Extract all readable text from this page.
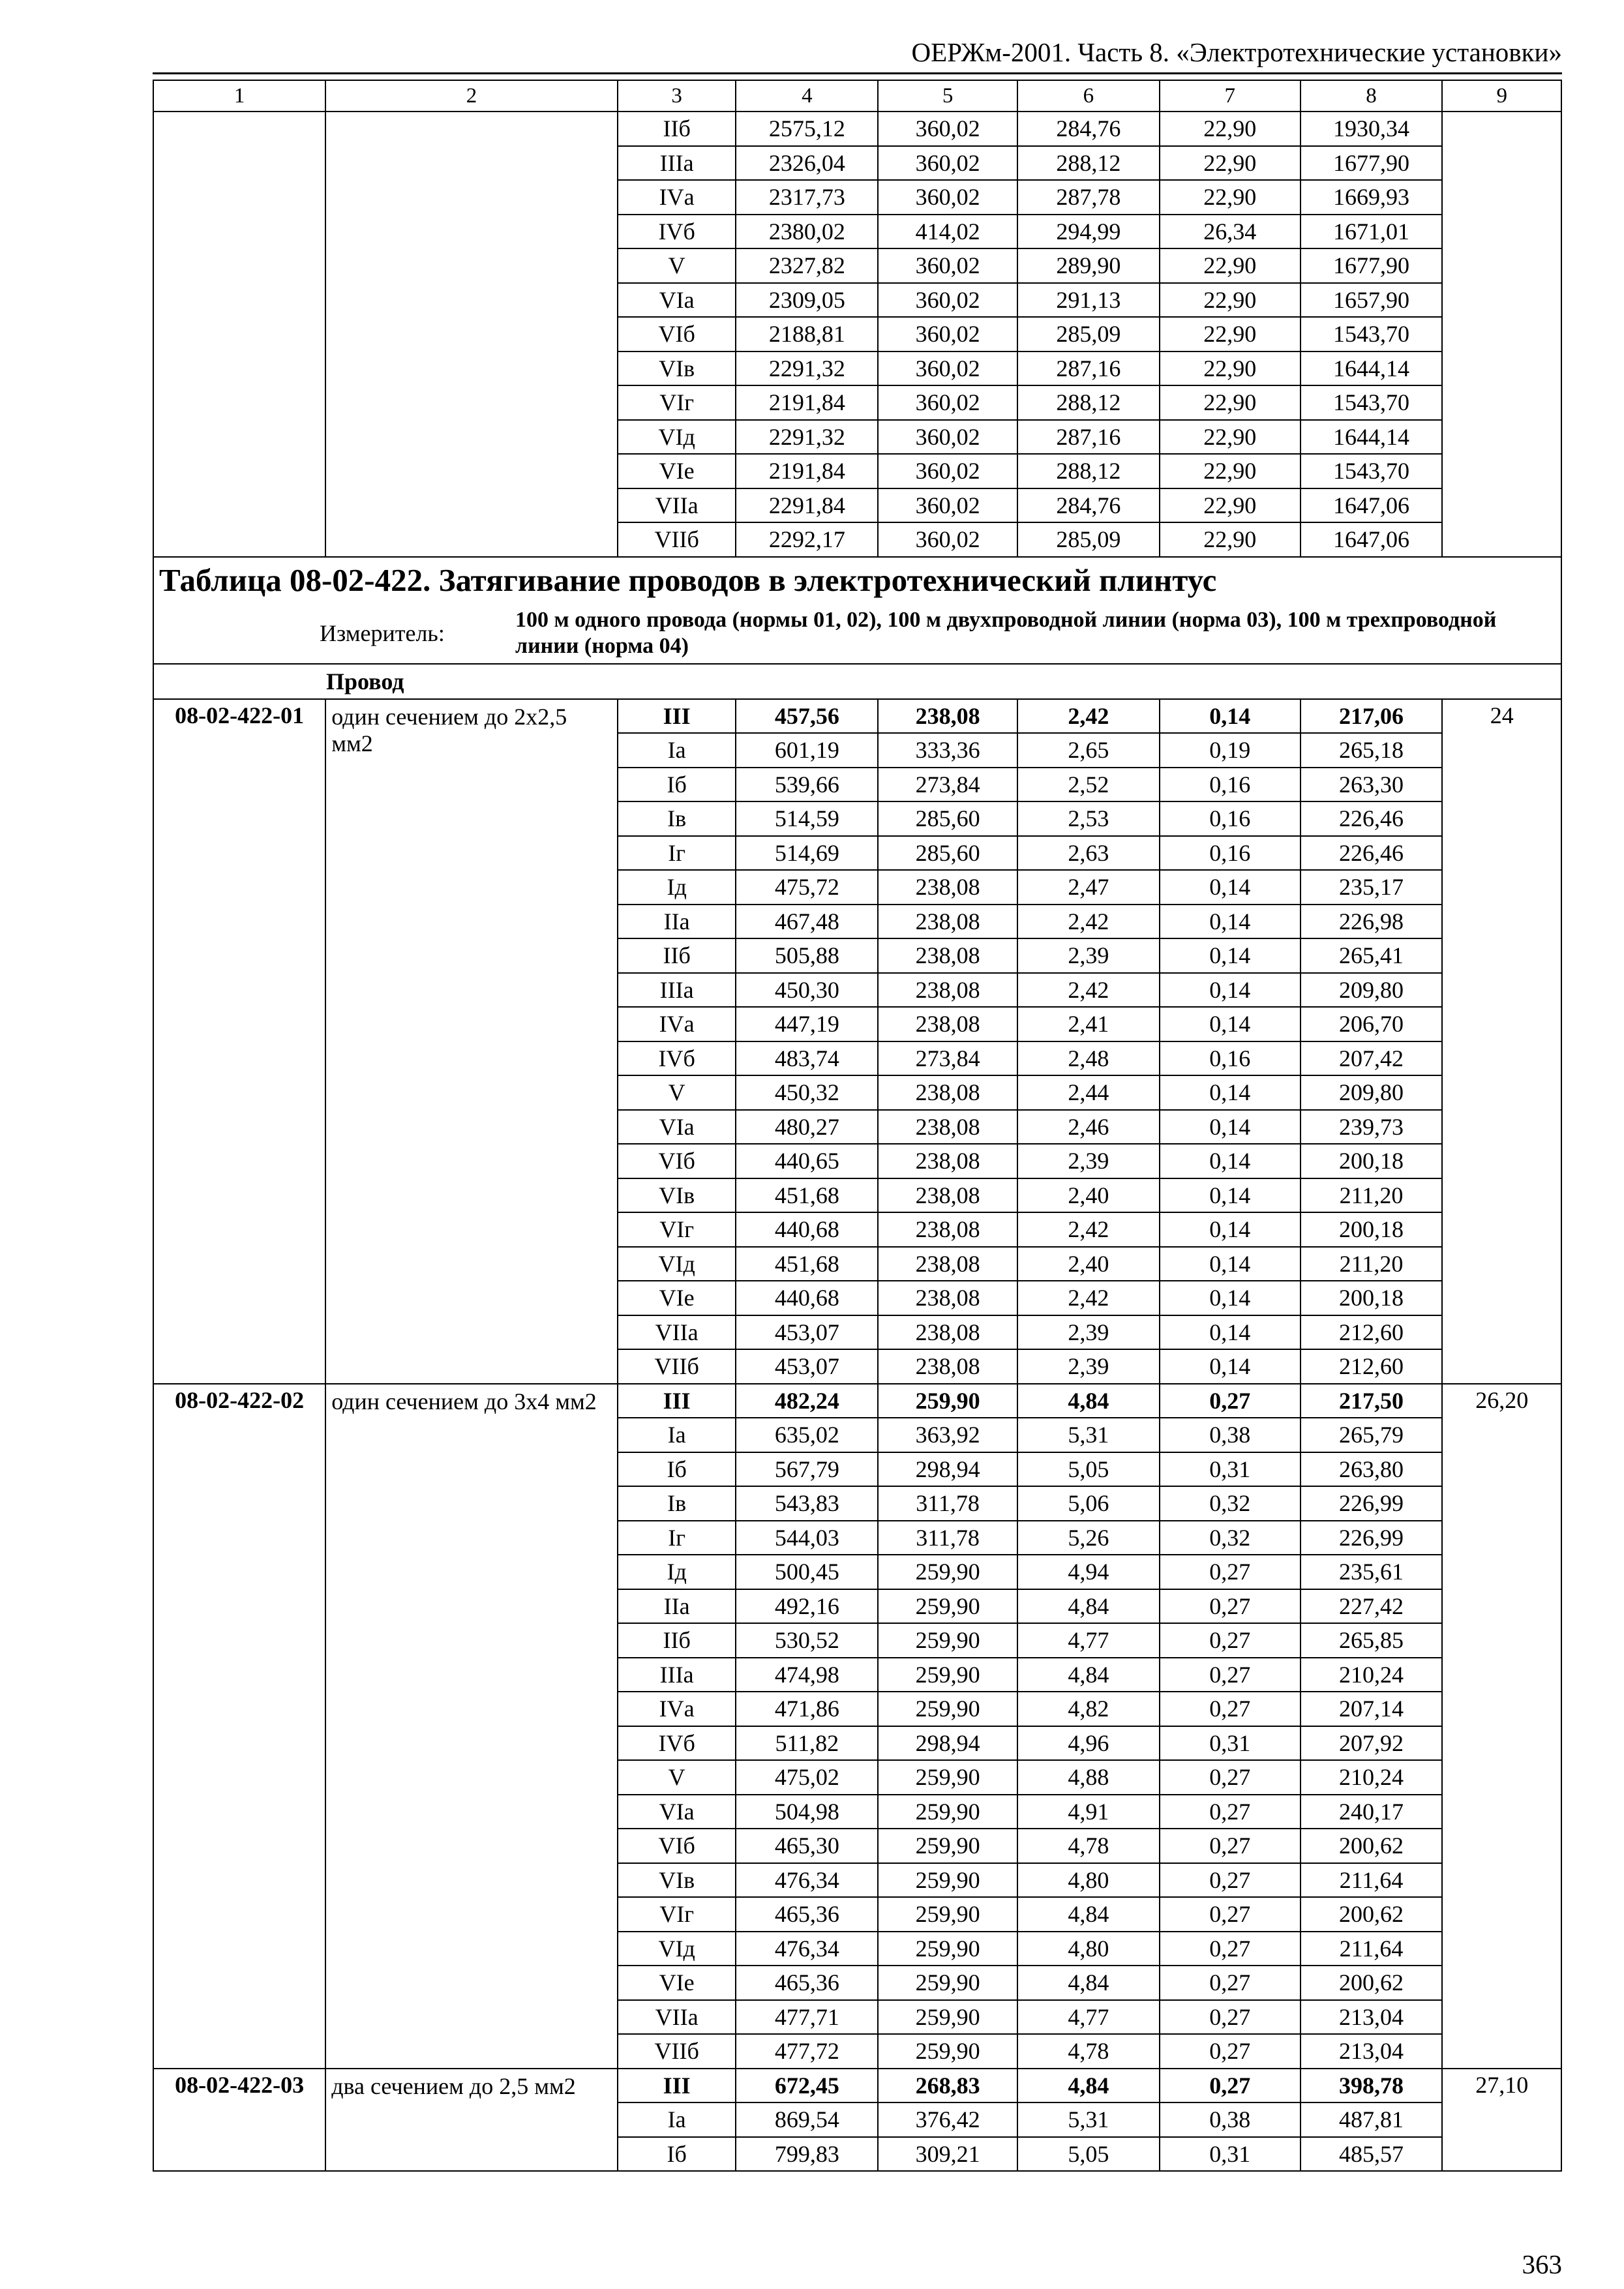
ОЕРЖм-2001. Часть 8. «Электротехнические установки»
1	2	3	4	5	6	7	8	9
		IIб	2575,12	360,02	284,76	22,90	1930,34	
		IIIа	2326,04	360,02	288,12	22,90	1677,90	
		IVа	2317,73	360,02	287,78	22,90	1669,93	
		IVб	2380,02	414,02	294,99	26,34	1671,01	
		V	2327,82	360,02	289,90	22,90	1677,90	
		VIа	2309,05	360,02	291,13	22,90	1657,90	
		VIб	2188,81	360,02	285,09	22,90	1543,70	
		VIв	2291,32	360,02	287,16	22,90	1644,14	
		VIг	2191,84	360,02	288,12	22,90	1543,70	
		VIд	2291,32	360,02	287,16	22,90	1644,14	
		VIе	2191,84	360,02	288,12	22,90	1543,70	
		VIIа	2291,84	360,02	284,76	22,90	1647,06	
		VIIб	2292,17	360,02	285,09	22,90	1647,06	
Таблица 08-02-422. Затягивание проводов в электротехнический плинтус								

Измеритель: 100 м одного провода (нормы 01, 02), 100 м двухпроводной линии (норма 03), 100 м трехпроводной линии (норма 04)								

Провод								
08-02-422-01	один сечением до 2х2,5 мм2	III	457,56	238,08	2,42	0,14	217,06	24
		Iа	601,19	333,36	2,65	0,19	265,18	
		Iб	539,66	273,84	2,52	0,16	263,30	
		Iв	514,59	285,60	2,53	0,16	226,46	
		Iг	514,69	285,60	2,63	0,16	226,46	
		Iд	475,72	238,08	2,47	0,14	235,17	
		IIа	467,48	238,08	2,42	0,14	226,98	
		IIб	505,88	238,08	2,39	0,14	265,41	
		IIIа	450,30	238,08	2,42	0,14	209,80	
		IVа	447,19	238,08	2,41	0,14	206,70	
		IVб	483,74	273,84	2,48	0,16	207,42	
		V	450,32	238,08	2,44	0,14	209,80	
		VIа	480,27	238,08	2,46	0,14	239,73	
		VIб	440,65	238,08	2,39	0,14	200,18	
		VIв	451,68	238,08	2,40	0,14	211,20	
		VIг	440,68	238,08	2,42	0,14	200,18	
		VIд	451,68	238,08	2,40	0,14	211,20	
		VIе	440,68	238,08	2,42	0,14	200,18	
		VIIа	453,07	238,08	2,39	0,14	212,60	
		VIIб	453,07	238,08	2,39	0,14	212,60	
08-02-422-02	один сечением до 3х4 мм2	III	482,24	259,90	4,84	0,27	217,50	26,20
		Iа	635,02	363,92	5,31	0,38	265,79	
		Iб	567,79	298,94	5,05	0,31	263,80	
		Iв	543,83	311,78	5,06	0,32	226,99	
		Iг	544,03	311,78	5,26	0,32	226,99	
		Iд	500,45	259,90	4,94	0,27	235,61	
		IIа	492,16	259,90	4,84	0,27	227,42	
		IIб	530,52	259,90	4,77	0,27	265,85	
		IIIа	474,98	259,90	4,84	0,27	210,24	
		IVа	471,86	259,90	4,82	0,27	207,14	
		IVб	511,82	298,94	4,96	0,31	207,92	
		V	475,02	259,90	4,88	0,27	210,24	
		VIа	504,98	259,90	4,91	0,27	240,17	
		VIб	465,30	259,90	4,78	0,27	200,62	
		VIв	476,34	259,90	4,80	0,27	211,64	
		VIг	465,36	259,90	4,84	0,27	200,62	
		VIд	476,34	259,90	4,80	0,27	211,64	
		VIе	465,36	259,90	4,84	0,27	200,62	
		VIIа	477,71	259,90	4,77	0,27	213,04	
		VIIб	477,72	259,90	4,78	0,27	213,04	
08-02-422-03	два сечением до 2,5 мм2	III	672,45	268,83	4,84	0,27	398,78	27,10
		Iа	869,54	376,42	5,31	0,38	487,81	
		Iб	799,83	309,21	5,05	0,31	485,57	
363
